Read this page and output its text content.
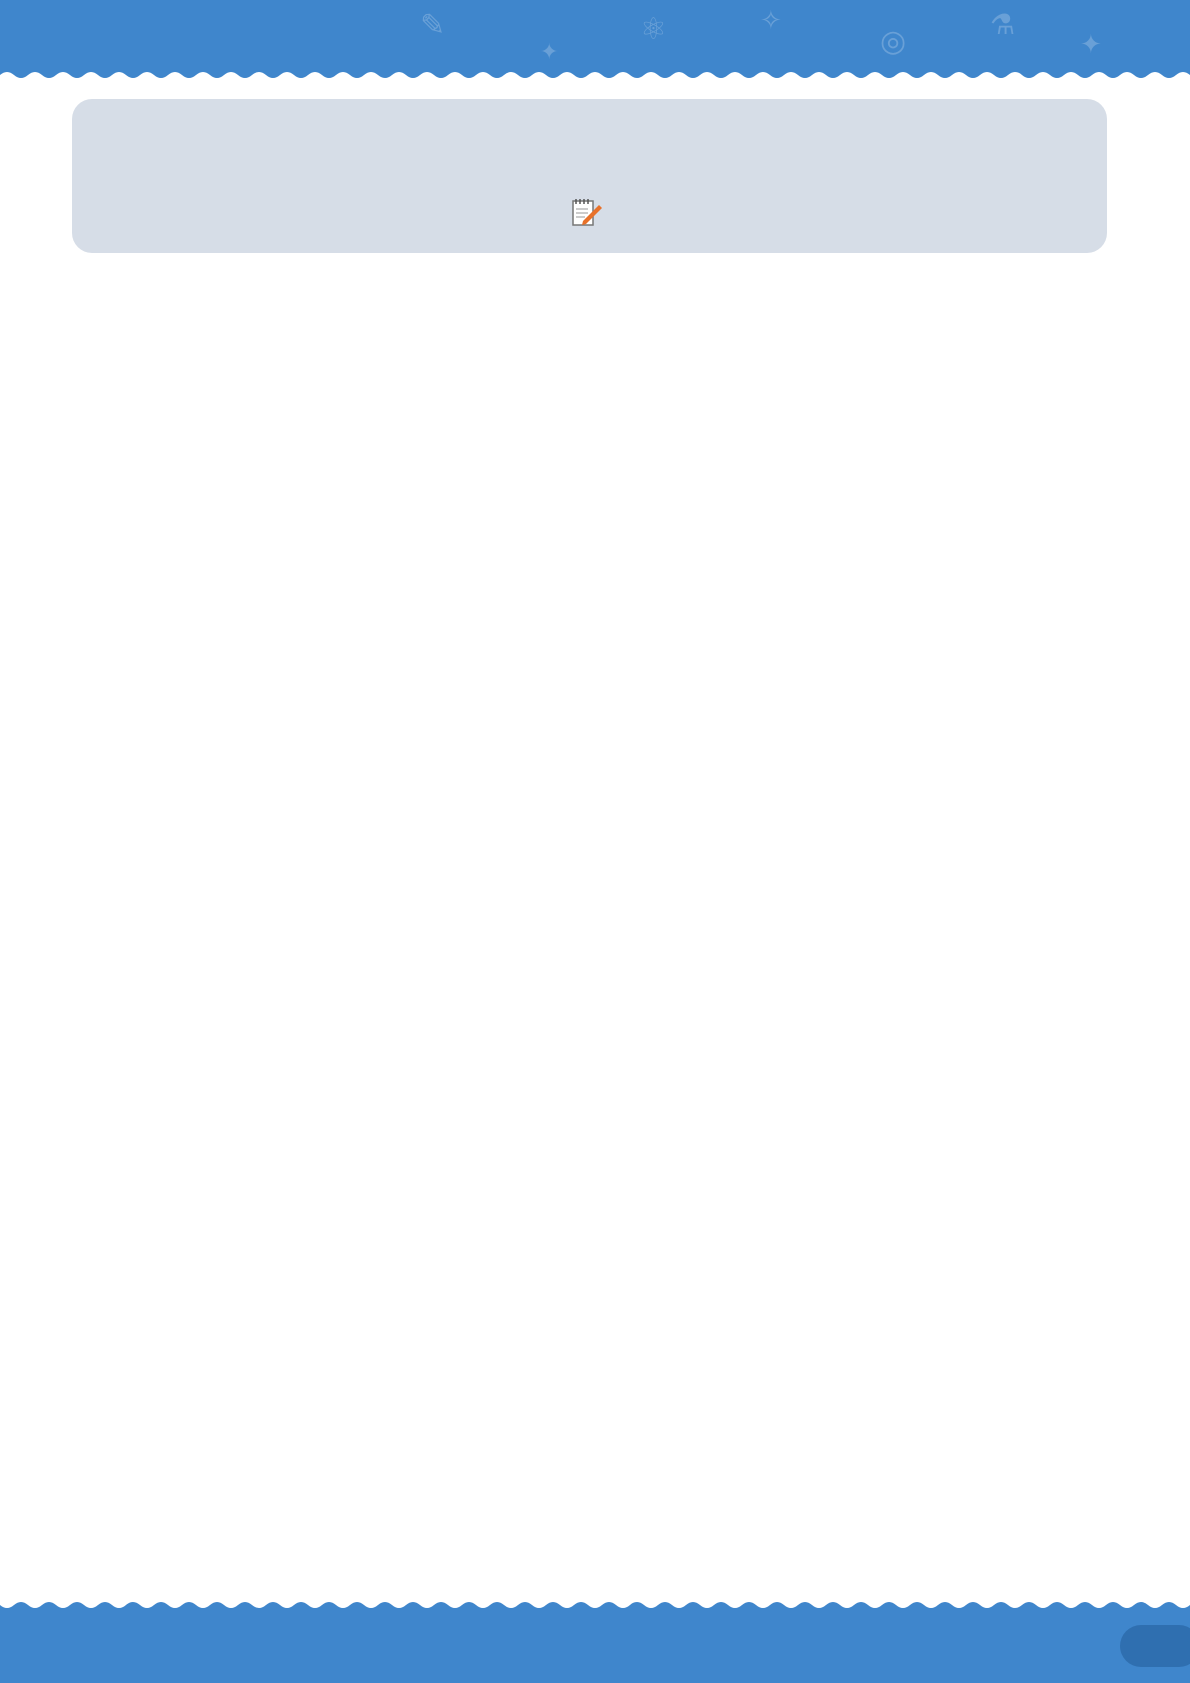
✎
✦
⚛	✧
◎	⚗
✦
